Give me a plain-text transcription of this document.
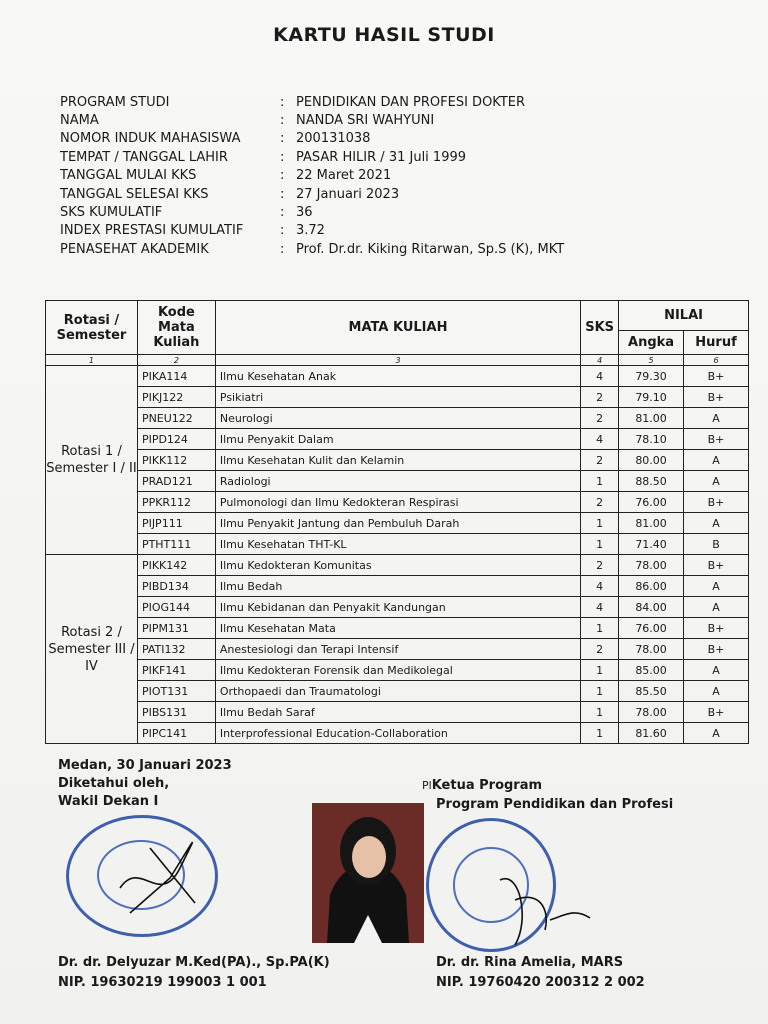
KARTU HASIL STUDI
PROGRAM STUDI	: PENDIDIKAN DAN PROFESI DOKTER
NAMA	: NANDA SRI WAHYUNI
NOMOR INDUK MAHASISWA	: 200131038
TEMPAT / TANGGAL LAHIR	: PASAR HILIR / 31 Juli 1999
TANGGAL MULAI KKS	: 22 Maret 2021
TANGGAL SELESAI KKS	: 27 Januari 2023
SKS KUMULATIF	: 36
INDEX PRESTASI KUMULATIF	: 3.72
PENASEHAT AKADEMIK	: Prof. Dr.dr. Kiking Ritarwan, Sp.S (K), MKT
Rotasi / Semester	Kode Mata Kuliah	MATA KULIAH	SKS	NILAI	
				Angka	Huruf
1	2	3	4	5	6
Rotasi 1 / Semester I / II	PIKA114	Ilmu Kesehatan Anak	4	79.30	B+
	PIKJ122	Psikiatri	2	79.10	B+
	PNEU122	Neurologi	2	81.00	A
	PIPD124	Ilmu Penyakit Dalam	4	78.10	B+
	PIKK112	Ilmu Kesehatan Kulit dan Kelamin	2	80.00	A
	PRAD121	Radiologi	1	88.50	A
	PPKR112	Pulmonologi dan Ilmu Kedokteran Respirasi	2	76.00	B+
	PIJP111	Ilmu Penyakit Jantung dan Pembuluh Darah	1	81.00	A
	PTHT111	Ilmu Kesehatan THT-KL	1	71.40	B
Rotasi 2 / Semester III / IV	PIKK142	Ilmu Kedokteran Komunitas	2	78.00	B+
	PIBD134	Ilmu Bedah	4	86.00	A
	PIOG144	Ilmu Kebidanan dan Penyakit Kandungan	4	84.00	A
	PIPM131	Ilmu Kesehatan Mata	1	76.00	B+
	PATI132	Anestesiologi dan Terapi Intensif	2	78.00	B+
	PIKF141	Ilmu Kedokteran Forensik dan Medikolegal	1	85.00	A
	PIOT131	Orthopaedi dan Traumatologi	1	85.50	A
	PIBS131	Ilmu Bedah Saraf	1	78.00	B+
	PIPC141	Interprofessional Education-Collaboration	1	81.60	A
Medan, 30 Januari 2023
Diketahui oleh,
Wakil Dekan I
Dr. dr. Delyuzar M.Ked(PA)., Sp.PA(K)
NIP. 19630219 199003 1 001
PlKetua Program
Program Pendidikan dan Profesi
Dr. dr. Rina Amelia, MARS
NIP. 19760420 200312 2 002
